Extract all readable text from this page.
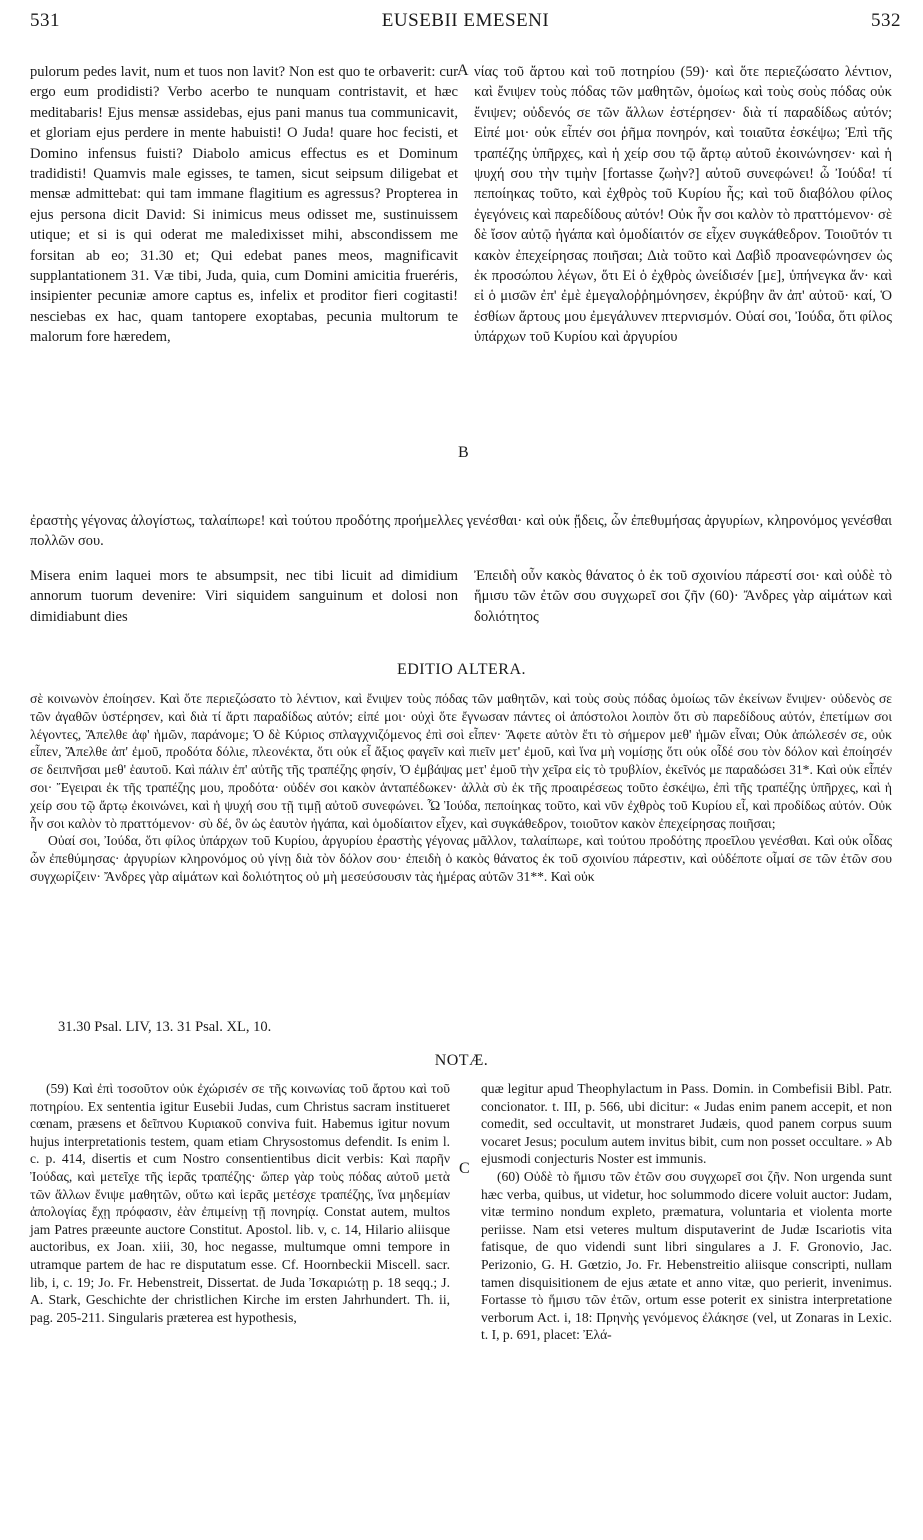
531	EUSEBII EMESENI	532

pulorum pedes lavit, num et tuos non lavit? Non est quo te orbaverit: cur ergo eum prodidisti? Verbo acerbo te nunquam contristavit, et hæc meditabaris! Ejus mensæ assidebas, ejus pani manus tua communicavit, et gloriam ejus perdere in mente habuisti! O Juda! quare hoc fecisti, et Domino infensus fuisti? Diabolo amicus effectus es et Dominum tradidisti! Quamvis male egisses, te tamen, sicut seipsum diligebat et mensæ admittebat: qui tam immane flagitium es agressus? Propterea in ejus persona dicit David: Si inimicus meus odisset me, sustinuissem utique; et si is qui oderat me maledixisset mihi, abscondissem me forsitan ab eo; 31.30 et; Qui edebat panes meos, magnificavit supplantationem 31. Væ tibi, Juda, quia, cum Domini amicitia frueréris, insipienter pecuniæ amore captus es, infelix et proditor fieri cogitasti! nesciebas ex hac, quam tantopere exoptabas, pecunia multorum te malorum fore hæredem,

νίας τοῦ ἄρτου καὶ τοῦ ποτηρίου (59)· καὶ ὅτε περιεζώσατο λέντιον, καὶ ἔνιψεν τοὺς πόδας τῶν μαθητῶν, ὁμοίως καὶ τοὺς σοὺς πόδας οὐκ ἔνιψεν; οὐδενός σε τῶν ἄλλων ἐστέρησεν· διὰ τί παραδίδως αὐτόν; Εἰπέ μοι· οὐκ εἶπέν σοι ῥῆμα πονηρόν, καὶ τοιαῦτα ἐσκέψω; Ἐπὶ τῆς τραπέζης ὑπῆρχες, καὶ ἡ χείρ σου τῷ ἄρτῳ αὐτοῦ ἐκοινώνησεν· καὶ ἡ ψυχή σου τὴν τιμὴν [fortasse ζωὴν?] αὐτοῦ συνεφώνει! ὦ Ἰούδα! τί πεποίηκας τοῦτο, καὶ ἐχθρὸς τοῦ Κυρίου ἦς; καὶ τοῦ διαβόλου φίλος ἐγεγόνεις καὶ παρεδίδους αὐτόν! Οὐκ ἦν σοι καλὸν τὸ πραττόμενον· σὲ δὲ ἴσον αὐτῷ ἠγάπα καὶ ὁμοδίαιτόν σε εἶχεν συγκάθεδρον. Τοιοῦτόν τι κακὸν ἐπεχείρησας ποιῆσαι; Διὰ τοῦτο καὶ Δαβὶδ προανεφώνησεν ὡς ἐκ προσώπου λέγων, ὅτι Εἰ ὁ ἐχθρὸς ὠνείδισέν [με], ὑπήνεγκα ἄν· καὶ εἰ ὁ μισῶν ἐπ' ἐμὲ ἐμεγαλοῤῥημόνησεν, ἐκρύβην ἂν ἀπ' αὐτοῦ· καί, Ὁ ἐσθίων ἄρτους μου ἐμεγάλυνεν πτερνισμόν. Οὐαί σοι, Ἰούδα, ὅτι φίλος ὑπάρχων τοῦ Κυρίου καὶ ἀργυρίου

A
B

ἐραστὴς γέγονας ἀλογίστως, ταλαίπωρε! καὶ τούτου προδότης προήμελλες γενέσθαι· καὶ οὐκ ᾔδεις, ὧν ἐπεθυμήσας ἀργυρίων, κληρονόμος γενέσθαι πολλῶν σου.

Misera enim laquei mors te absumpsit, nec tibi licuit ad dimidium annorum tuorum devenire: Viri siquidem sanguinum et dolosi non dimidiabunt dies

Ἐπειδὴ οὖν κακὸς θάνατος ὁ ἐκ τοῦ σχοινίου πάρεστί σοι· καὶ οὐδὲ τὸ ἥμισυ τῶν ἐτῶν σου συγχωρεῖ σοι ζῆν (60)· Ἄνδρες γὰρ αἱμάτων καὶ δολιότητος

EDITIO ALTERA.

σὲ κοινωνὸν ἐποίησεν. Καὶ ὅτε περιεζώσατο τὸ λέντιον, καὶ ἔνιψεν τοὺς πόδας τῶν μαθητῶν, καὶ τοὺς σοὺς πόδας ὁμοίως τῶν ἐκείνων ἔνιψεν· οὐδενὸς σε τῶν ἀγαθῶν ὑστέρησεν, καὶ διὰ τί ἄρτι παραδίδως αὐτόν; εἰπέ μοι· οὐχὶ ὅτε ἔγνωσαν πάντες οἱ ἀπόστολοι λοιπὸν ὅτι σὺ παρεδίδους αὐτόν, ἐπετίμων σοι λέγοντες, Ἄπελθε ἀφ' ἡμῶν, παράνομε; Ὁ δὲ Κύριος σπλαγχνιζόμενος ἐπὶ σοὶ εἶπεν· Ἄφετε αὐτὸν ἔτι τὸ σήμερον μεθ' ἡμῶν εἶναι; Οὐκ ἀπώλεσέν σε, οὐκ εἶπεν, Ἄπελθε ἀπ' ἐμοῦ, προδότα δόλιε, πλεονέκτα, ὅτι οὐκ εἶ ἄξιος φαγεῖν καὶ πιεῖν μετ' ἐμοῦ, καὶ ἵνα μὴ νομίσῃς ὅτι οὐκ οἶδέ σου τὸν δόλον καὶ ἐποίησέν σε δειπνῆσαι μεθ' ἑαυτοῦ. Καὶ πάλιν ἐπ' αὐτῆς τῆς τραπέζης φησίν, Ὁ ἐμβάψας μετ' ἐμοῦ τὴν χεῖρα εἰς τὸ τρυβλίον, ἐκεῖνός με παραδώσει 31*. Καὶ οὐκ εἶπέν σοι· Ἔγειραι ἐκ τῆς τραπέζης μου, προδότα· οὐδέν σοι κακὸν ἀνταπέδωκεν· ἀλλὰ σὺ ἐκ τῆς προαιρέσεως τοῦτο ἐσκέψω, ἐπὶ τῆς τραπέζης ὑπῆρχες, καὶ ἡ χείρ σου τῷ ἄρτῳ ἐκοινώνει, καὶ ἡ ψυχή σου τῇ τιμῇ αὐτοῦ συνεφώνει. Ὦ Ἰούδα, πεποίηκας τοῦτο, καὶ νῦν ἐχθρὸς τοῦ Κυρίου εἶ, καὶ προδίδως αὐτόν. Οὐκ ἦν σοι καλὸν τὸ πραττόμενον· σὺ δέ, ὃν ὡς ἑαυτὸν ἠγάπα, καὶ ὁμοδίαιτον εἶχεν, καὶ συγκάθεδρον, τοιοῦτον κακὸν ἐπεχείρησας ποιῆσαι;

Οὐαί σοι, Ἰούδα, ὅτι φίλος ὑπάρχων τοῦ Κυρίου, ἀργυρίου ἐραστὴς γέγονας μᾶλλον, ταλαίπωρε, καὶ τούτου προδότης προεῖλου γενέσθαι. Καὶ οὐκ οἶδας ὧν ἐπεθύμησας· ἀργυρίων κληρονόμος οὐ γίνῃ διὰ τὸν δόλον σου· ἐπειδὴ ὁ κακὸς θάνατος ἐκ τοῦ σχοινίου πάρεστιν, καὶ οὐδέποτε οἶμαί σε τῶν ἐτῶν σου συγχωρίζειν· Ἄνδρες γὰρ αἱμάτων καὶ δολιότητος οὐ μὴ μεσεύσουσιν τὰς ἡμέρας αὐτῶν 31**. Καὶ οὐκ

31.30 Psal. LIV, 13. 31 Psal. XL, 10.
NOTÆ.

(59) Καὶ ἐπὶ τοσοῦτον οὐκ ἐχώρισέν σε τῆς κοινωνίας τοῦ ἄρτου καὶ τοῦ ποτηρίου. Ex sententia igitur Eusebii Judas, cum Christus sacram institueret cœnam, præsens et δεῖπνου Κυριακοῦ conviva fuit. Habemus igitur novum hujus interpretationis testem, quam etiam Chrysostomus defendit. Is enim l. c. p. 414, disertis et cum Nostro consentientibus dicit verbis: Καὶ παρῆν Ἰούδας, καὶ μετεῖχε τῆς ἱερᾶς τραπέζης· ὥπερ γὰρ τοὺς πόδας αὐτοῦ μετὰ τῶν ἄλλων ἔνιψε μαθητῶν, οὕτω καὶ ἱερᾶς μετέσχε τραπέζης, ἵνα μηδεμίαν ἀπολογίας ἔχῃ πρόφασιν, ἐὰν ἐπιμείνῃ τῇ πονηρίᾳ. Constat autem, multos jam Patres præeunte auctore Constitut. Apostol. lib. v, c. 14, Hilario aliisque auctoribus, ex Joan. xiii, 30, hoc negasse, multumque omni tempore in utramque partem de hac re disputatum esse. Cf. Hoornbeckii Miscell. sacr. lib, i, c. 19; Jo. Fr. Hebenstreit, Dissertat. de Juda Ἰσκαριώτῃ p. 18 seqq.; J. A. Stark, Geschichte der christlichen Kirche im ersten Jahrhundert. Th. ii, pag. 205-211. Singularis præterea est hypothesis,

C

quæ legitur apud Theophylactum in Pass. Domin. in Combefisii Bibl. Patr. concionator. t. III, p. 566, ubi dicitur: « Judas enim panem accepit, et non comedit, sed occultavit, ut monstraret Judæis, quod panem corpus suum vocaret Jesus; poculum autem invitus bibit, cum non posset occultare. » Ab ejusmodi conjecturis Noster est immunis.

(60) Οὐδὲ τὸ ἥμισυ τῶν ἐτῶν σου συγχωρεῖ σοι ζῆν. Non urgenda sunt hæc verba, quibus, ut videtur, hoc solummodo dicere voluit auctor: Judam, vitæ termino nondum expleto, præmatura, voluntaria et violenta morte periisse. Nam etsi veteres multum disputaverint de Judæ Iscariotis vita fatisque, de quo videndi sunt libri singulares a J. F. Gronovio, Jac. Perizonio, G. H. Gœtzio, Jo. Fr. Hebenstreitio aliisque conscripti, nullam tamen disquisitionem de ejus ætate et anno vitæ, quo perierit, invenimus. Fortasse τὸ ἥμισυ τῶν ἐτῶν, ortum esse poterit ex sinistra interpretatione verborum Act. i, 18: Πρηνὴς γενόμενος ἐλάκησε (vel, ut Zonaras in Lexic. t. I, p. 691, placet: Ἐλά-
